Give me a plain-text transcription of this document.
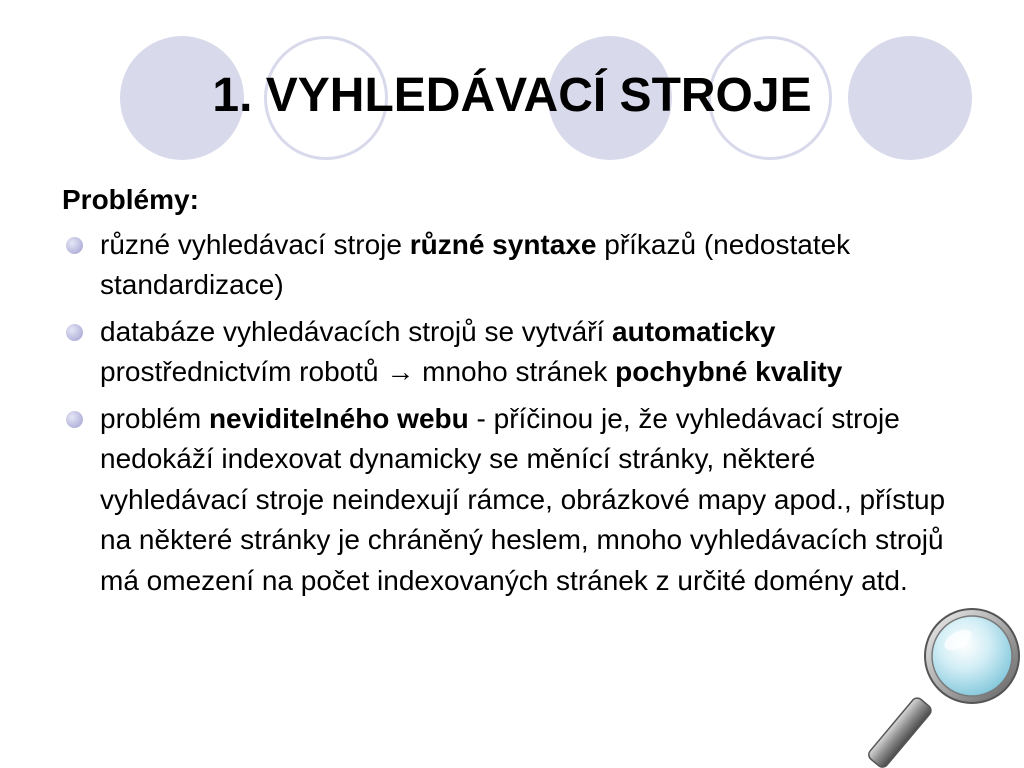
1. VYHLEDÁVACÍ STROJE
Problémy:
různé vyhledávací stroje různé syntaxe příkazů (nedostatek standardizace)
databáze vyhledávacích strojů se vytváří automaticky prostřednictvím robotů → mnoho stránek pochybné kvality
problém neviditelného webu - příčinou je, že vyhledávací stroje nedokáží indexovat dynamicky se měnící stránky, některé vyhledávací stroje neindexují rámce, obrázkové mapy apod., přístup na některé stránky je chráněný heslem, mnoho vyhledávacích strojů má omezení na počet indexovaných stránek z určité domény atd.
